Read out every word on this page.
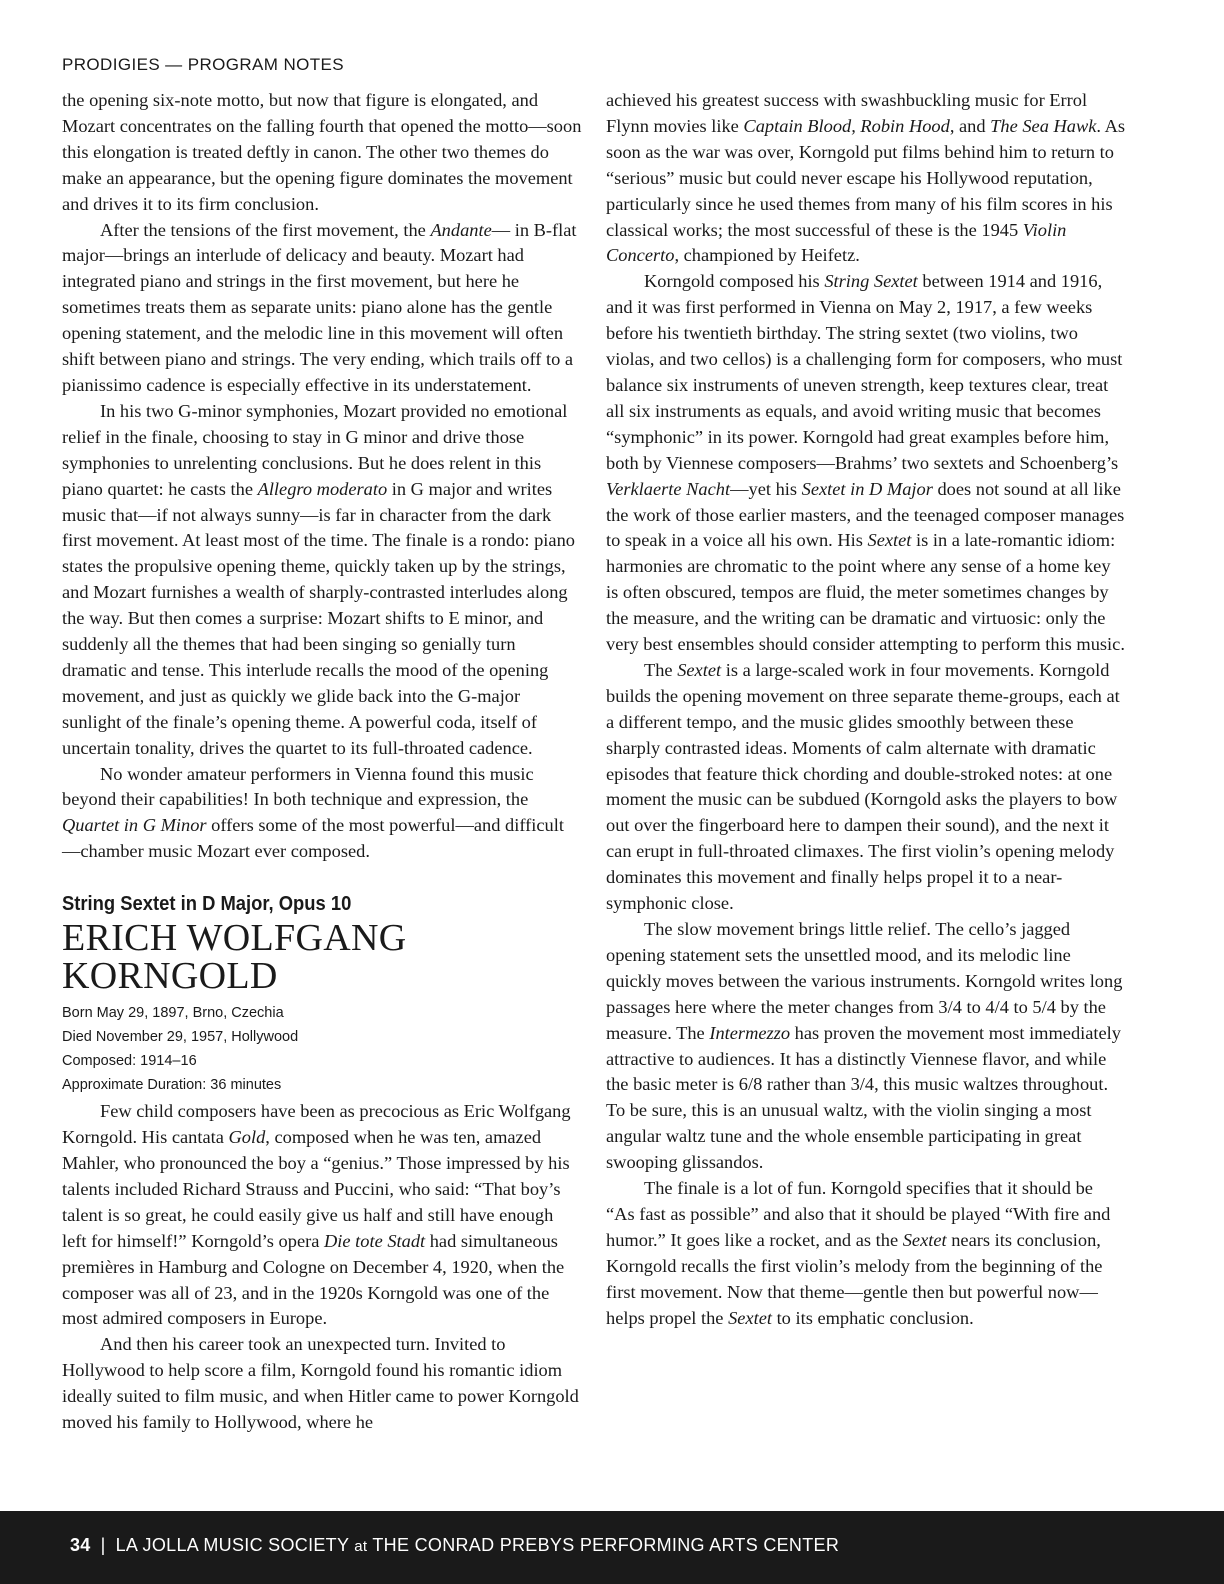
PRODIGIES — PROGRAM NOTES

the opening six-note motto, but now that figure is elongated, and Mozart concentrates on the falling fourth that opened the motto—soon this elongation is treated deftly in canon. The other two themes do make an appearance, but the opening figure dominates the movement and drives it to its firm conclusion.

After the tensions of the first movement, the Andante— in B-flat major—brings an interlude of delicacy and beauty. Mozart had integrated piano and strings in the first movement, but here he sometimes treats them as separate units: piano alone has the gentle opening statement, and the melodic line in this movement will often shift between piano and strings. The very ending, which trails off to a pianissimo cadence is especially effective in its understatement.

In his two G-minor symphonies, Mozart provided no emotional relief in the finale, choosing to stay in G minor and drive those symphonies to unrelenting conclusions. But he does relent in this piano quartet: he casts the Allegro moderato in G major and writes music that—if not always sunny—is far in character from the dark first movement. At least most of the time. The finale is a rondo: piano states the propulsive opening theme, quickly taken up by the strings, and Mozart furnishes a wealth of sharply-contrasted interludes along the way. But then comes a surprise: Mozart shifts to E minor, and suddenly all the themes that had been singing so genially turn dramatic and tense. This interlude recalls the mood of the opening movement, and just as quickly we glide back into the G-major sunlight of the finale’s opening theme. A powerful coda, itself of uncertain tonality, drives the quartet to its full-throated cadence.

No wonder amateur performers in Vienna found this music beyond their capabilities! In both technique and expression, the Quartet in G Minor offers some of the most powerful—and difficult—chamber music Mozart ever composed.

String Sextet in D Major, Opus 10
ERICH WOLFGANG
KORNGOLD
Born May 29, 1897, Brno, Czechia
Died November 29, 1957, Hollywood
Composed: 1914–16
Approximate Duration: 36 minutes

Few child composers have been as precocious as Eric Wolfgang Korngold. His cantata Gold, composed when he was ten, amazed Mahler, who pronounced the boy a “genius.” Those impressed by his talents included Richard Strauss and Puccini, who said: “That boy’s talent is so great, he could easily give us half and still have enough left for himself!” Korngold’s opera Die tote Stadt had simultaneous premières in Hamburg and Cologne on December 4, 1920, when the composer was all of 23, and in the 1920s Korngold was one of the most admired composers in Europe.

And then his career took an unexpected turn. Invited to Hollywood to help score a film, Korngold found his romantic idiom ideally suited to film music, and when Hitler came to power Korngold moved his family to Hollywood, where he

achieved his greatest success with swashbuckling music for Errol Flynn movies like Captain Blood, Robin Hood, and The Sea Hawk. As soon as the war was over, Korngold put films behind him to return to “serious” music but could never escape his Hollywood reputation, particularly since he used themes from many of his film scores in his classical works; the most successful of these is the 1945 Violin Concerto, championed by Heifetz.

Korngold composed his String Sextet between 1914 and 1916, and it was first performed in Vienna on May 2, 1917, a few weeks before his twentieth birthday. The string sextet (two violins, two violas, and two cellos) is a challenging form for composers, who must balance six instruments of uneven strength, keep textures clear, treat all six instruments as equals, and avoid writing music that becomes “symphonic” in its power. Korngold had great examples before him, both by Viennese composers—Brahms’ two sextets and Schoenberg’s Verklaerte Nacht—yet his Sextet in D Major does not sound at all like the work of those earlier masters, and the teenaged composer manages to speak in a voice all his own. His Sextet is in a late-romantic idiom: harmonies are chromatic to the point where any sense of a home key is often obscured, tempos are fluid, the meter sometimes changes by the measure, and the writing can be dramatic and virtuosic: only the very best ensembles should consider attempting to perform this music.

The Sextet is a large-scaled work in four movements. Korngold builds the opening movement on three separate theme-groups, each at a different tempo, and the music glides smoothly between these sharply contrasted ideas. Moments of calm alternate with dramatic episodes that feature thick chording and double-stroked notes: at one moment the music can be subdued (Korngold asks the players to bow out over the fingerboard here to dampen their sound), and the next it can erupt in full-throated climaxes. The first violin’s opening melody dominates this movement and finally helps propel it to a near-symphonic close.

The slow movement brings little relief. The cello’s jagged opening statement sets the unsettled mood, and its melodic line quickly moves between the various instruments. Korngold writes long passages here where the meter changes from 3/4 to 4/4 to 5/4 by the measure. The Intermezzo has proven the movement most immediately attractive to audiences. It has a distinctly Viennese flavor, and while the basic meter is 6/8 rather than 3/4, this music waltzes throughout. To be sure, this is an unusual waltz, with the violin singing a most angular waltz tune and the whole ensemble participating in great swooping glissandos.

The finale is a lot of fun. Korngold specifies that it should be “As fast as possible” and also that it should be played “With fire and humor.” It goes like a rocket, and as the Sextet nears its conclusion, Korngold recalls the first violin’s melody from the beginning of the first movement. Now that theme—gentle then but powerful now—helps propel the Sextet to its emphatic conclusion.

34 | LA JOLLA MUSIC SOCIETY at THE CONRAD PREBYS PERFORMING ARTS CENTER
